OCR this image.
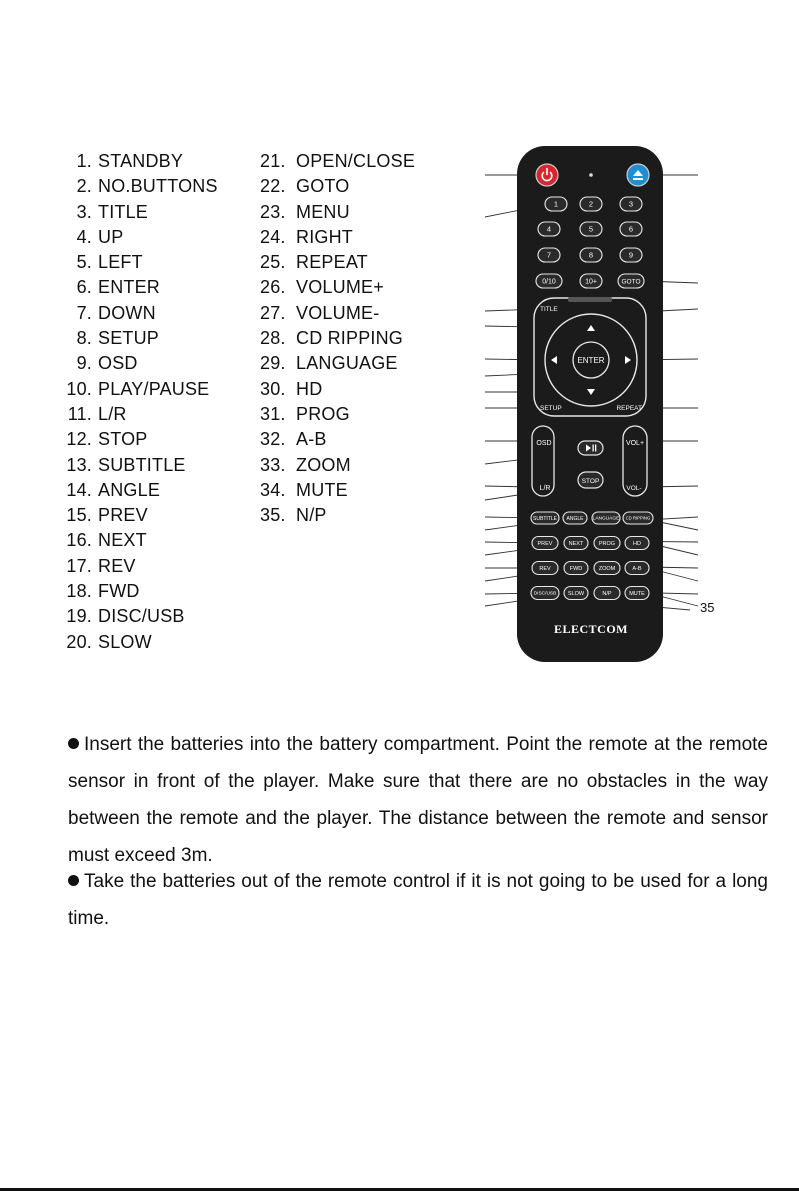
1. STANDBY
2. NO.BUTTONS
3. TITLE
4. UP
5. LEFT
6. ENTER
7. DOWN
8. SETUP
9. OSD
10. PLAY/PAUSE
11. L/R
12. STOP
13. SUBTITLE
14. ANGLE
15. PREV
16. NEXT
17. REV
18. FWD
19. DISC/USB
20. SLOW
21. OPEN/CLOSE
22. GOTO
23. MENU
24. RIGHT
25. REPEAT
26. VOLUME+
27. VOLUME-
28. CD RIPPING
29. LANGUAGE
30. HD
31. PROG
32. A-B
33. ZOOM
34. MUTE
35. N/P
1	2	3
4	5	6
7	8	9
0/10	10+	GOTO
SUBTITLE ANGLE LANGUAGE CD RIPPING
PREV	NEXT	PROG	HD
REV	FWD	ZOOM	A-B
DISC/USB SLOW	N/P	MUTE
ENTER
TITLE
SETUP	REPEAT
OSD
L/R
VOL+
VOL-
STOP
ELECTCOM
35
Insert the batteries into the battery compartment. Point the remote at the remote sensor in front of the player. Make sure that there are no obstacles in the way between the remote and the player. The distance between the remote and sensor must exceed 3m.
Take the batteries out of the remote control if it is not going to be used for a long time.
